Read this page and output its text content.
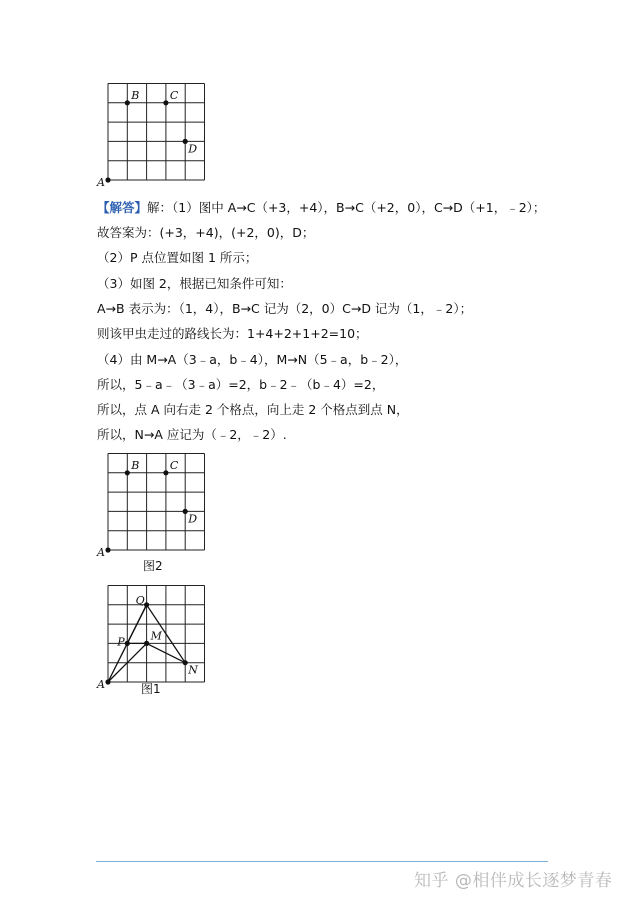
A
B	C
D
【解答】解：（1）图中 A→C（+3，+4），B→C（+2，0），C→D（+1，﹣2）；
故答案为：(+3，+4)，(+2，0)，D；
（2）P 点位置如图 1 所示；
（3）如图 2，根据已知条件可知：
A→B 表示为：（1，4），B→C 记为（2，0）C→D 记为（1，﹣2）；
则该甲虫走过的路线长为：1+4+2+1+2=10；
（4）由 M→A（3﹣a，b﹣4），M→N（5﹣a，b﹣2），
所以，5﹣a﹣（3﹣a）=2，b﹣2﹣（b﹣4）=2，
所以，点 A 向右走 2 个格点，向上走 2 个格点到点 N，
所以，N→A 应记为（﹣2，﹣2）.
A
B	C
D
图2
A
P M
Q
N
图1
知乎 @相伴成长逐梦青春
